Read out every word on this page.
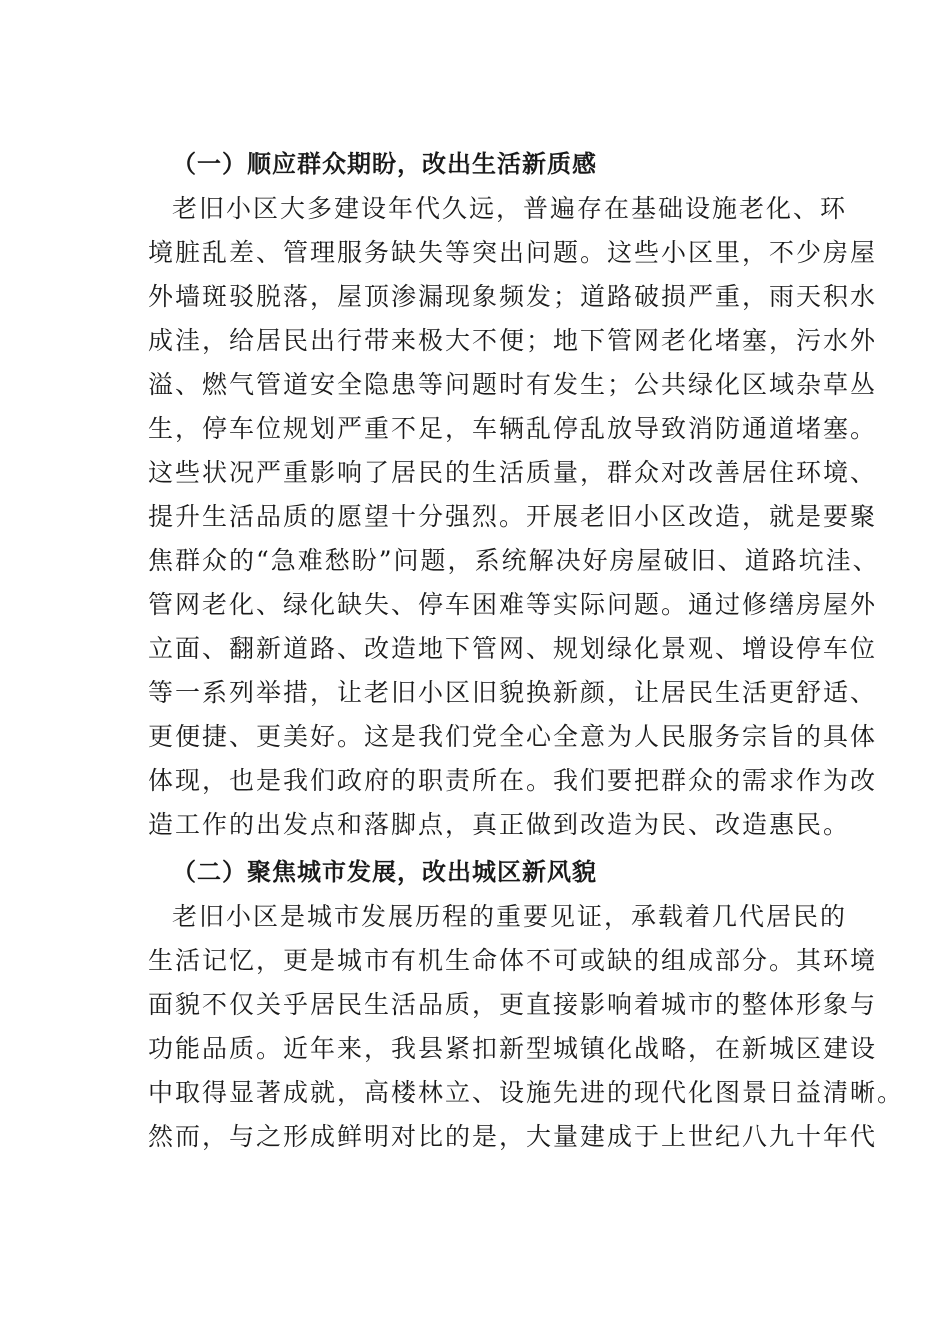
（一）顺应群众期盼，改出生活新质感
老旧小区大多建设年代久远，普遍存在基础设施老化、环
境脏乱差、管理服务缺失等突出问题。这些小区里，不少房屋
外墙斑驳脱落，屋顶渗漏现象频发；道路破损严重，雨天积水
成洼，给居民出行带来极大不便；地下管网老化堵塞，污水外
溢、燃气管道安全隐患等问题时有发生；公共绿化区域杂草丛
生，停车位规划严重不足，车辆乱停乱放导致消防通道堵塞。
这些状况严重影响了居民的生活质量，群众对改善居住环境、
提升生活品质的愿望十分强烈。开展老旧小区改造，就是要聚
焦群众的“急难愁盼”问题，系统解决好房屋破旧、道路坑洼、
管网老化、绿化缺失、停车困难等实际问题。通过修缮房屋外
立面、翻新道路、改造地下管网、规划绿化景观、增设停车位
等一系列举措，让老旧小区旧貌换新颜，让居民生活更舒适、
更便捷、更美好。这是我们党全心全意为人民服务宗旨的具体
体现，也是我们政府的职责所在。我们要把群众的需求作为改
造工作的出发点和落脚点，真正做到改造为民、改造惠民。
（二）聚焦城市发展，改出城区新风貌
老旧小区是城市发展历程的重要见证，承载着几代居民的
生活记忆，更是城市有机生命体不可或缺的组成部分。其环境
面貌不仅关乎居民生活品质，更直接影响着城市的整体形象与
功能品质。近年来，我县紧扣新型城镇化战略，在新城区建设
中取得显著成就，高楼林立、设施先进的现代化图景日益清晰。
然而，与之形成鲜明对比的是，大量建成于上世纪八九十年代
